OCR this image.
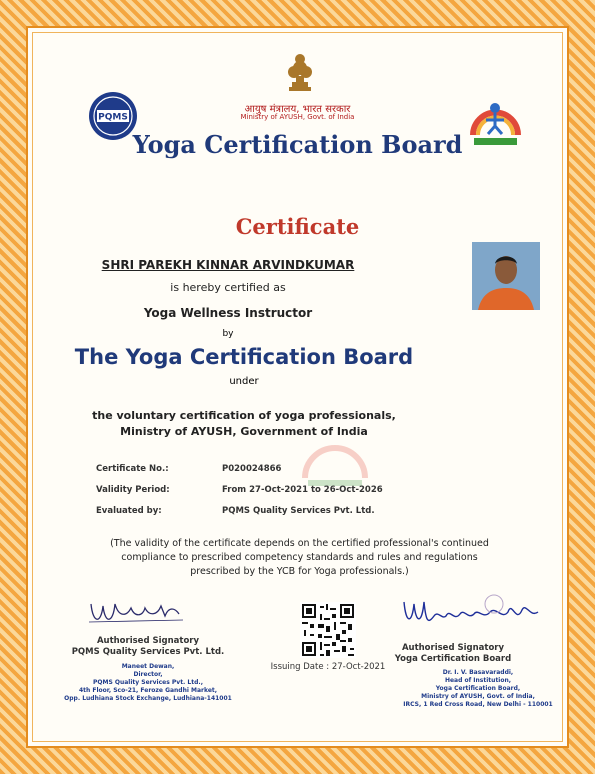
आयुष मंत्रालय, भारत सरकार
Ministry of AYUSH, Govt. of India
PQMS
Yoga Certification Board
Certificate
SHRI PAREKH KINNAR ARVINDKUMAR
is hereby certified as
Yoga Wellness Instructor
by
The Yoga Certification Board
under
the voluntary certification of yoga professionals,
Ministry of AYUSH, Government of India
Certificate No.:	P020024866
Validity Period:	From 27-Oct-2021 to 26-Oct-2026
Evaluated by:	PQMS Quality Services Pvt. Ltd.
(The validity of the certificate depends on the certified professional's continued
compliance to prescribed competency standards and rules and regulations
prescribed by the YCB for Yoga professionals.)
Authorised Signatory
PQMS Quality Services Pvt. Ltd.
Maneet Dewan,
Director,
PQMS Quality Services Pvt. Ltd.,
4th Floor, Sco-21, Feroze Gandhi Market,
Opp. Ludhiana Stock Exchange, Ludhiana-141001
Issuing Date : 27-Oct-2021
Authorised Signatory
Yoga Certification Board
Dr. I. V. Basavaraddi,
Head of Institution,
Yoga Certification Board,
Ministry of AYUSH, Govt. of India,
IRCS, 1 Red Cross Road, New Delhi - 110001
